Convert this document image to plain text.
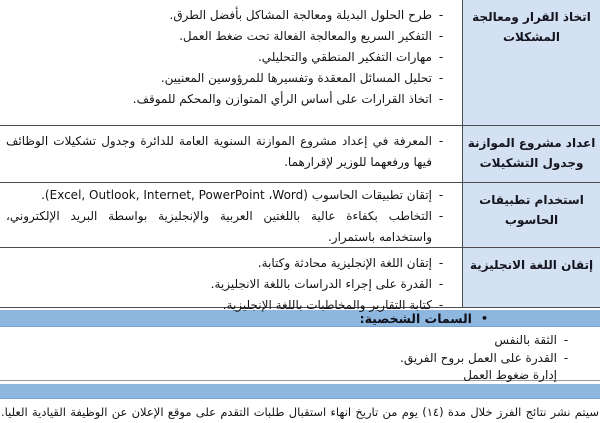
اتخاذ القرار ومعالجة المشكلات
-
طرح الحلول البديلة ومعالجة المشاكل بأفضل الطرق.
-
التفكير السريع والمعالجة الفعالة تحت ضغط العمل.
-
مهارات التفكير المنطقي والتحليلي.
-
تحليل المسائل المعقدة وتفسيرها للمرؤوسين المعنيين.
-
اتخاذ القرارات على أساس الرأي المتوازن والمحكم للموقف.
اعداد مشروع الموازنة وجدول التشكيلات
-
المعرفة في إعداد مشروع الموازنة السنوية العامة للدائرة وجدول تشكيلات الوظائف فيها ورفعهما للوزير لإقرارهما.
استخدام تطبيقات الحاسوب
-
إتقان تطبيقات الحاسوب (Excel, Outlook, Internet, PowerPoint ،Word).
-
التخاطب بكفاءة عالية باللغتين العربية والإنجليزية بواسطة البريد الإلكتروني، واستخدامه باستمرار.
إتقان اللغة الانجليزية
-
إتقان اللغة الإنجليزية محادثة وكتابة.
-
القدرة على إجراء الدراسات باللغة الانجليزية.
-
كتابة التقارير والمخاطبات باللغة الإنجليزية.
•
السمات الشخصية:
-
الثقة بالنفس
-
القدرة على العمل بروح الفريق.
إدارة ضغوط العمل
سيتم نشر نتائج الفرز خلال مدة (١٤) يوم من تاريخ انهاء استقبال طلبات التقدم على موقع الإعلان عن الوظيفة القيادية العليا.
